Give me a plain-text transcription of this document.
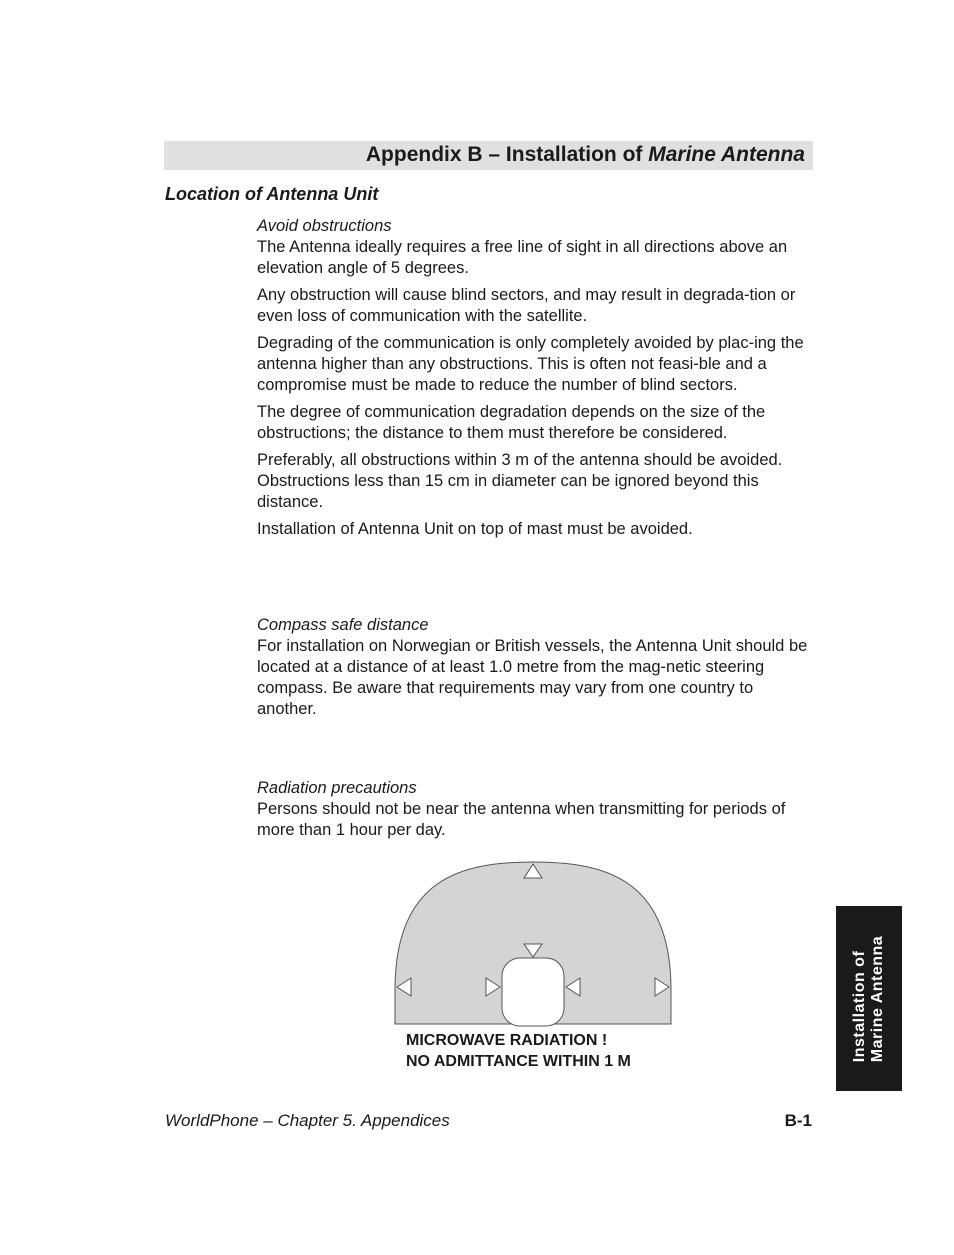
Appendix B – Installation of Marine Antenna
Location of Antenna Unit
Avoid obstructions

The Antenna ideally requires a free line of sight in all directions above an elevation angle of 5 degrees.

Any obstruction will cause blind sectors, and may result in degrada-tion or even loss of communication with the satellite.

Degrading of the communication is only completely avoided by plac-ing the antenna higher than any obstructions. This is often not feasi-ble and a compromise must be made to reduce the number of blind sectors.

The degree of communication degradation depends on the size of the obstructions; the distance to them must therefore be considered.

Preferably, all obstructions within 3 m of the antenna should be avoided. Obstructions less than 15 cm in diameter can be ignored beyond this distance.

Installation of Antenna Unit on top of mast must be avoided.

Compass safe distance

For installation on Norwegian or British vessels, the Antenna Unit should be located at a distance of at least 1.0 metre from the mag-netic steering compass. Be aware that requirements may vary from one country to another.

Radiation precautions

Persons should not be near the antenna when transmitting for periods of more than 1 hour per day.

MICROWAVE RADIATION !
NO ADMITTANCE WITHIN 1 M	Installation of Marine Antenna
WorldPhone – Chapter 5. Appendices	B-1
